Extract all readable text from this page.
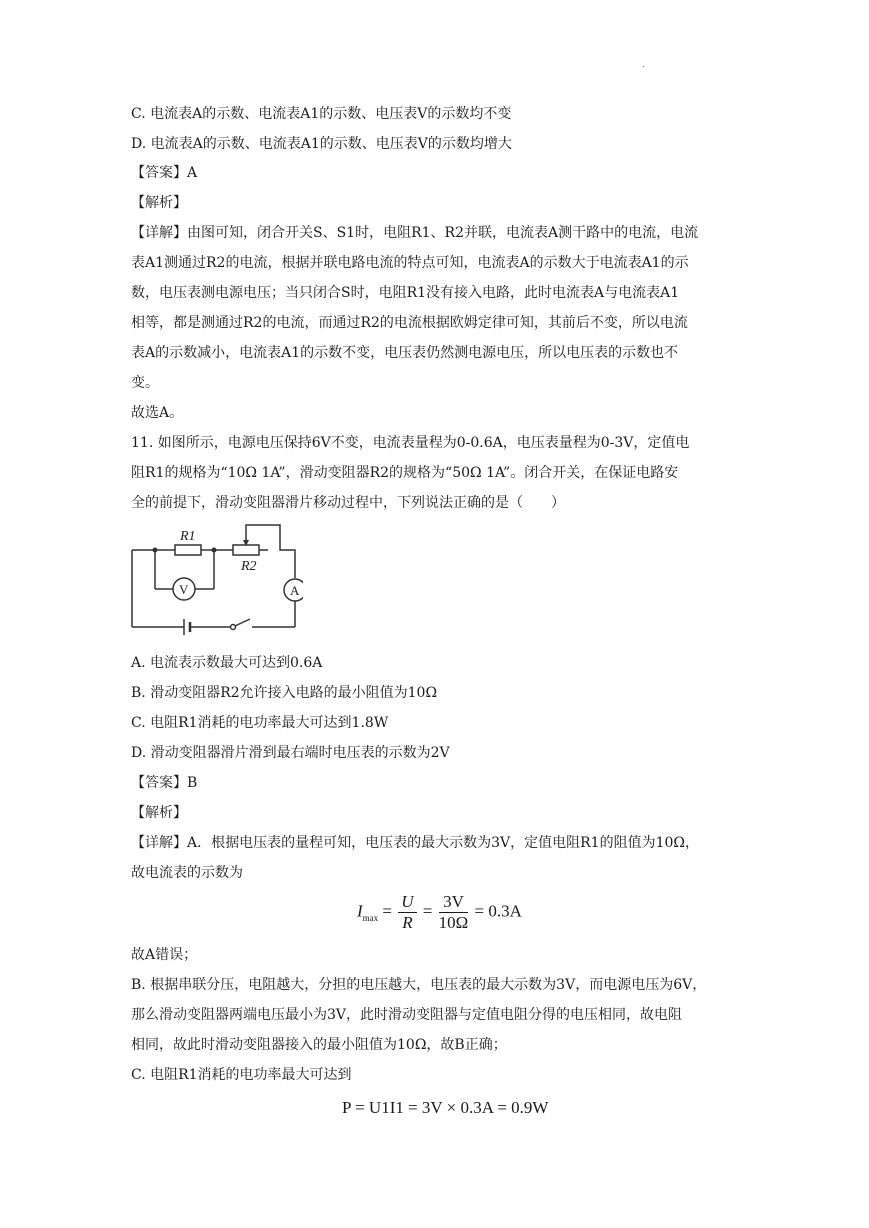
.
C. 电流表A的示数、电流表A1的示数、电压表V的示数均不变
D. 电流表A的示数、电流表A1的示数、电压表V的示数均增大
【答案】A
【解析】
【详解】由图可知，闭合开关S、S1时，电阻R1、R2并联，电流表A测干路中的电流，电流
表A1测通过R2的电流，根据并联电路电流的特点可知，电流表A的示数大于电流表A1的示
数，电压表测电源电压；当只闭合S时，电阻R1没有接入电路，此时电流表A与电流表A1
相等，都是测通过R2的电流，而通过R2的电流根据欧姆定律可知，其前后不变，所以电流
表A的示数减小，电流表A1的示数不变，电压表仍然测电源电压，所以电压表的示数也不
变。
故选A。
11. 如图所示，电源电压保持6V不变，电流表量程为0-0.6A，电压表量程为0-3V，定值电
阻R1的规格为“10Ω 1A”，滑动变阻器R2的规格为“50Ω 1A”。闭合开关，在保证电路安
全的前提下，滑动变阻器滑片移动过程中，下列说法正确的是（　　）
R1
R2
V	A
A. 电流表示数最大可达到0.6A
B. 滑动变阻器R2允许接入电路的最小阻值为10Ω
C. 电阻R1消耗的电功率最大可达到1.8W
D. 滑动变阻器滑片滑到最右端时电压表的示数为2V
【答案】B
【解析】
【详解】A．根据电压表的量程可知，电压表的最大示数为3V，定值电阻R1的阻值为10Ω，
故电流表的示数为
$I_{max} = \frac{U}{R} = \frac{3V}{10\Omega} = 0.3A$
故A错误；
B. 根据串联分压，电阻越大，分担的电压越大，电压表的最大示数为3V，而电源电压为6V，
那么滑动变阻器两端电压最小为3V，此时滑动变阻器与定值电阻分得的电压相同，故电阻
相同，故此时滑动变阻器接入的最小阻值为10Ω，故B正确；
C. 电阻R1消耗的电功率最大可达到
P = U1I1 = 3V × 0.3A = 0.9W
